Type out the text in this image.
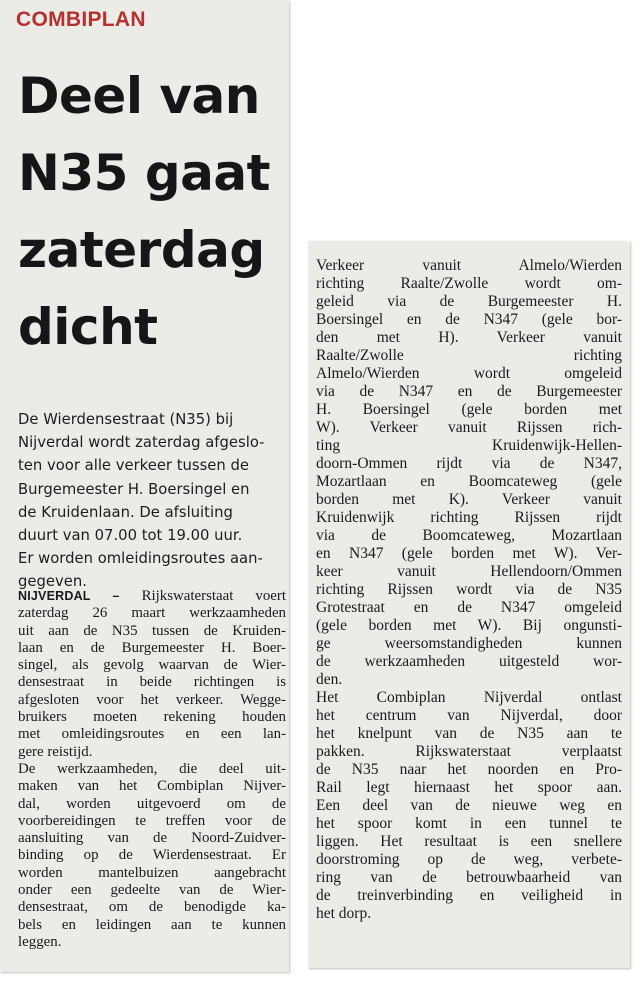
COMBIPLAN
Deel van
N35 gaat
zaterdag
dicht
De Wierdensestraat (N35) bij
Nijverdal wordt zaterdag afgeslo-
ten voor alle verkeer tussen de
Burgemeester H. Boersingel en
de Kruidenlaan. De afsluiting
duurt van 07.00 tot 19.00 uur.
Er worden omleidingsroutes aan-
gegeven.
NIJVERDAL – Rijkswaterstaat voert
zaterdag 26 maart werkzaamheden
uit aan de N35 tussen de Kruiden-
laan en de Burgemeester H. Boer-
singel, als gevolg waarvan de Wier-
densestraat in beide richtingen is
afgesloten voor het verkeer. Wegge-
bruikers moeten rekening houden
met omleidingsroutes en een lan-
gere reistijd.
De werkzaamheden, die deel uit-
maken van het Combiplan Nijver-
dal, worden uitgevoerd om de
voorbereidingen te treffen voor de
aansluiting van de Noord-Zuidver-
binding op de Wierdensestraat. Er
worden mantelbuizen aangebracht
onder een gedeelte van de Wier-
densestraat, om de benodigde ka-
bels en leidingen aan te kunnen
leggen.
Verkeer vanuit Almelo/Wierden
richting Raalte/Zwolle wordt om-
geleid via de Burgemeester H.
Boersingel en de N347 (gele bor-
den met H). Verkeer vanuit
Raalte/Zwolle richting
Almelo/Wierden wordt omgeleid
via de N347 en de Burgemeester
H. Boersingel (gele borden met
W). Verkeer vanuit Rijssen rich-
ting Kruidenwijk-Hellen-
doorn-Ommen rijdt via de N347,
Mozartlaan en Boomcateweg (gele
borden met K). Verkeer vanuit
Kruidenwijk richting Rijssen rijdt
via de Boomcateweg, Mozartlaan
en N347 (gele borden met W). Ver-
keer vanuit Hellendoorn/Ommen
richting Rijssen wordt via de N35
Grotestraat en de N347 omgeleid
(gele borden met W). Bij ongunsti-
ge weersomstandigheden kunnen
de werkzaamheden uitgesteld wor-
den.
Het Combiplan Nijverdal ontlast
het centrum van Nijverdal, door
het knelpunt van de N35 aan te
pakken. Rijkswaterstaat verplaatst
de N35 naar het noorden en Pro-
Rail legt hiernaast het spoor aan.
Een deel van de nieuwe weg en
het spoor komt in een tunnel te
liggen. Het resultaat is een snellere
doorstroming op de weg, verbete-
ring van de betrouwbaarheid van
de treinverbinding en veiligheid in
het dorp.
